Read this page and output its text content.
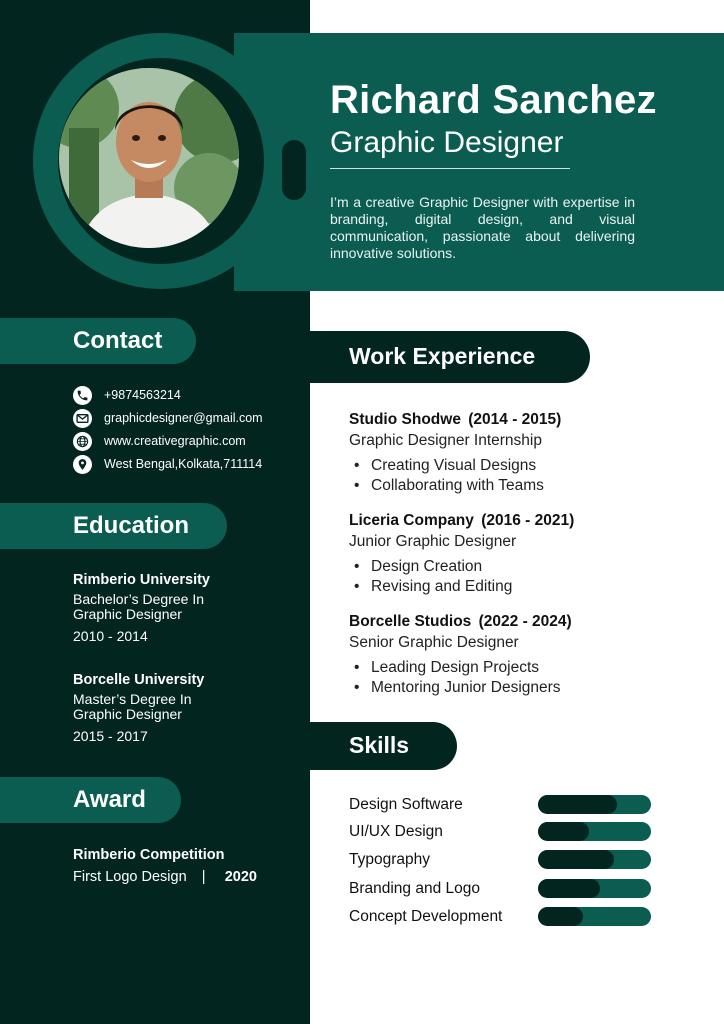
Richard Sanchez
Graphic Designer
I’m a creative Graphic Designer with expertise in branding, digital design, and visual communication, passionate about delivering innovative solutions.
Contact
+9874563214
graphicdesigner@gmail.com
www.creativegraphic.com
West Bengal,Kolkata,711114
Education
Rimberio University
Bachelor’s Degree In
Graphic Designer
2010 - 2014
Borcelle University
Master’s Degree In
Graphic Designer
2015 - 2017
Award
Rimberio Competition
First Logo Design | 2020
Work Experience
Studio Shodwe (2014 - 2015)
Graphic Designer Internship
• Creating Visual Designs
• Collaborating with Teams
Liceria Company (2016 - 2021)
Junior Graphic Designer
• Design Creation
• Revising and Editing
Borcelle Studios (2022 - 2024)
Senior Graphic Designer
• Leading Design Projects
• Mentoring Junior Designers
Skills
Design Software
UI/UX Design
Typography
Branding and Logo
Concept Development
